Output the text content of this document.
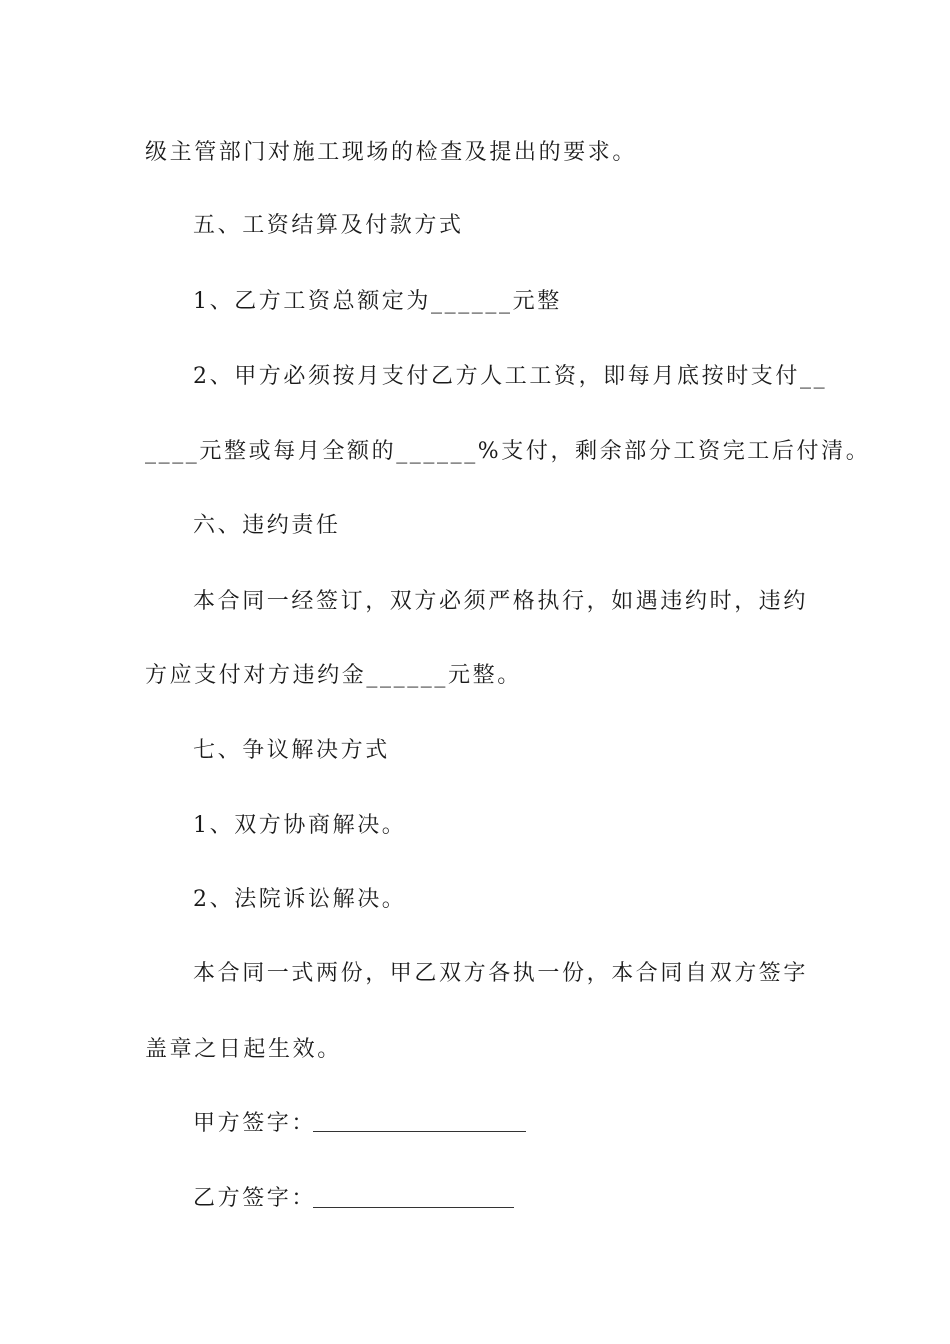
级主管部门对施工现场的检查及提出的要求。
五、工资结算及付款方式
1、乙方工资总额定为______元整
2、甲方必须按月支付乙方人工工资，即每月底按时支付__
____元整或每月全额的______%支付，剩余部分工资完工后付清。
六、违约责任
本合同一经签订，双方必须严格执行，如遇违约时，违约
方应支付对方违约金______元整。
七、争议解决方式
1、双方协商解决。
2、法院诉讼解决。
本合同一式两份，甲乙双方各执一份，本合同自双方签字
盖章之日起生效。
甲方签字：
乙方签字：
